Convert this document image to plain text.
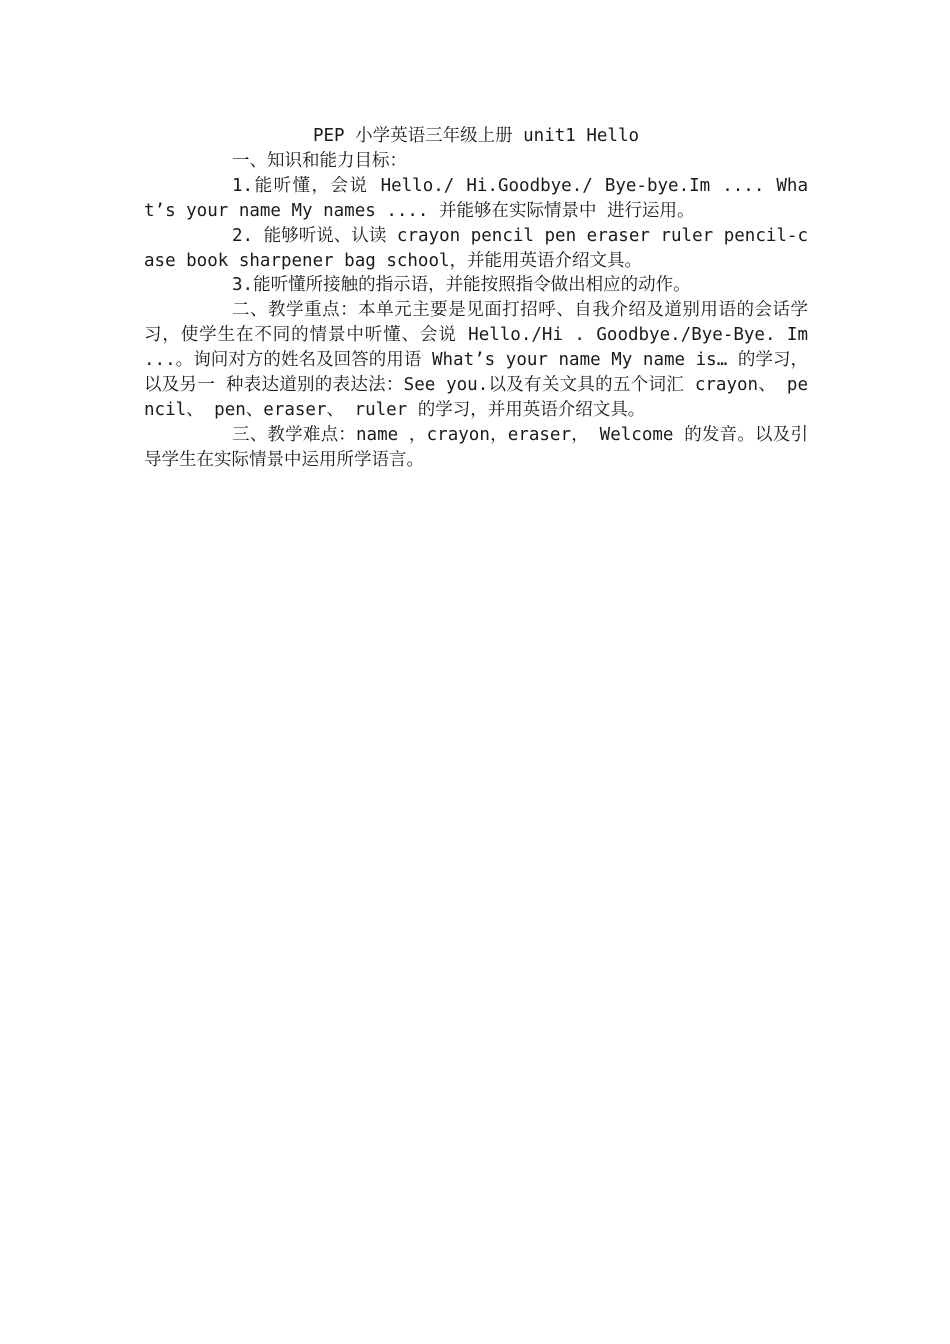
PEP 小学英语三年级上册 unit1 Hello

一、知识和能力目标：

1.能听懂，会说 Hello./ Hi.Goodbye./ Bye-bye.Im .... What’s your name My names .... 并能够在实际情景中 进行运用。

2. 能够听说、认读 crayon pencil pen eraser ruler pencil-case book sharpener bag school，并能用英语介绍文具。

3.能听懂所接触的指示语，并能按照指令做出相应的动作。

二、教学重点：本单元主要是见面打招呼、自我介绍及道别用语的会话学习，使学生在不同的情景中听懂、会说 Hello./Hi . Goodbye./Bye-Bye. Im ...。询问对方的姓名及回答的用语 What’s your name My name is… 的学习，以及另一 种表达道别的表达法：See you.以及有关文具的五个词汇 crayon、 pencil、 pen、eraser、 ruler 的学习，并用英语介绍文具。

三、教学难点：name ，crayon，eraser， Welcome 的发音。以及引导学生在实际情景中运用所学语言。
